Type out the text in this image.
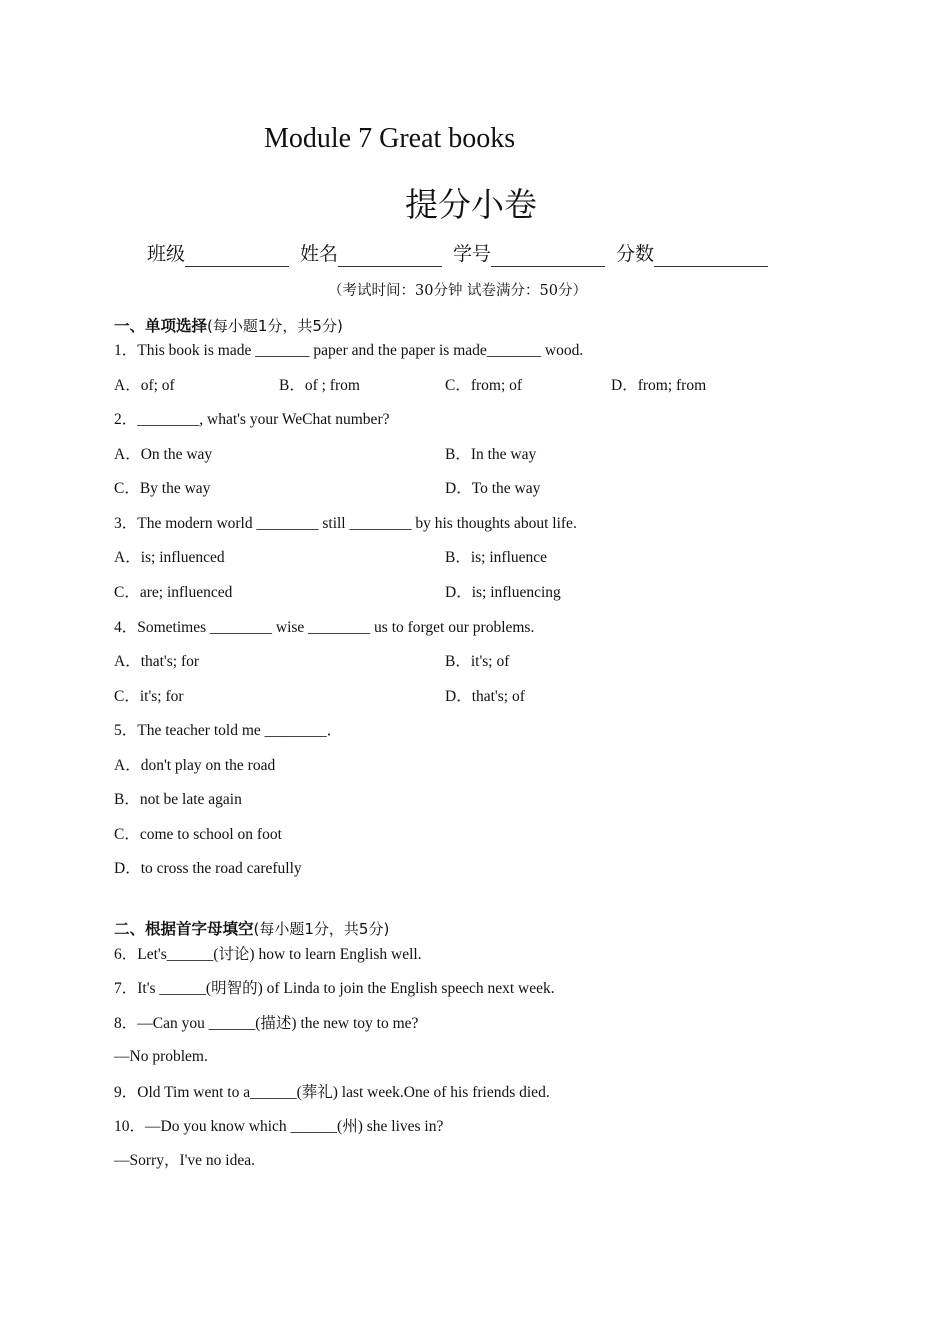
Module 7 Great books
提分小卷
班级	姓名	学号	分数
（考试时间：30分钟 试卷满分：50分）
一、单项选择(每小题1分，共5分)
1．This book is made _______ paper and the paper is made_______ wood.
A．of; of	B．of ; from	C．from; of	D．from; from
2．________, what's your WeChat number?
A．On the way	B．In the way
C．By the way	D．To the way
3．The modern world ________ still ________ by his thoughts about life.
A．is; influenced	B．is; influence
C．are; influenced	D．is; influencing
4．Sometimes ________ wise ________ us to forget our problems.
A．that's; for	B．it's; of
C．it's; for	D．that's; of
5．The teacher told me ________．
A．don't play on the road
B．not be late again
C．come to school on foot
D．to cross the road carefully
二、根据首字母填空(每小题1分，共5分)
6．Let's______(讨论) how to learn English well.
7．It's ______(明智的) of Linda to join the English speech next week.
8．—Can you ______(描述) the new toy to me?
—No problem.
9．Old Tim went to a______(葬礼) last week.One of his friends died.
10．—Do you know which ______(州) she lives in?
—Sorry，I've no idea.
